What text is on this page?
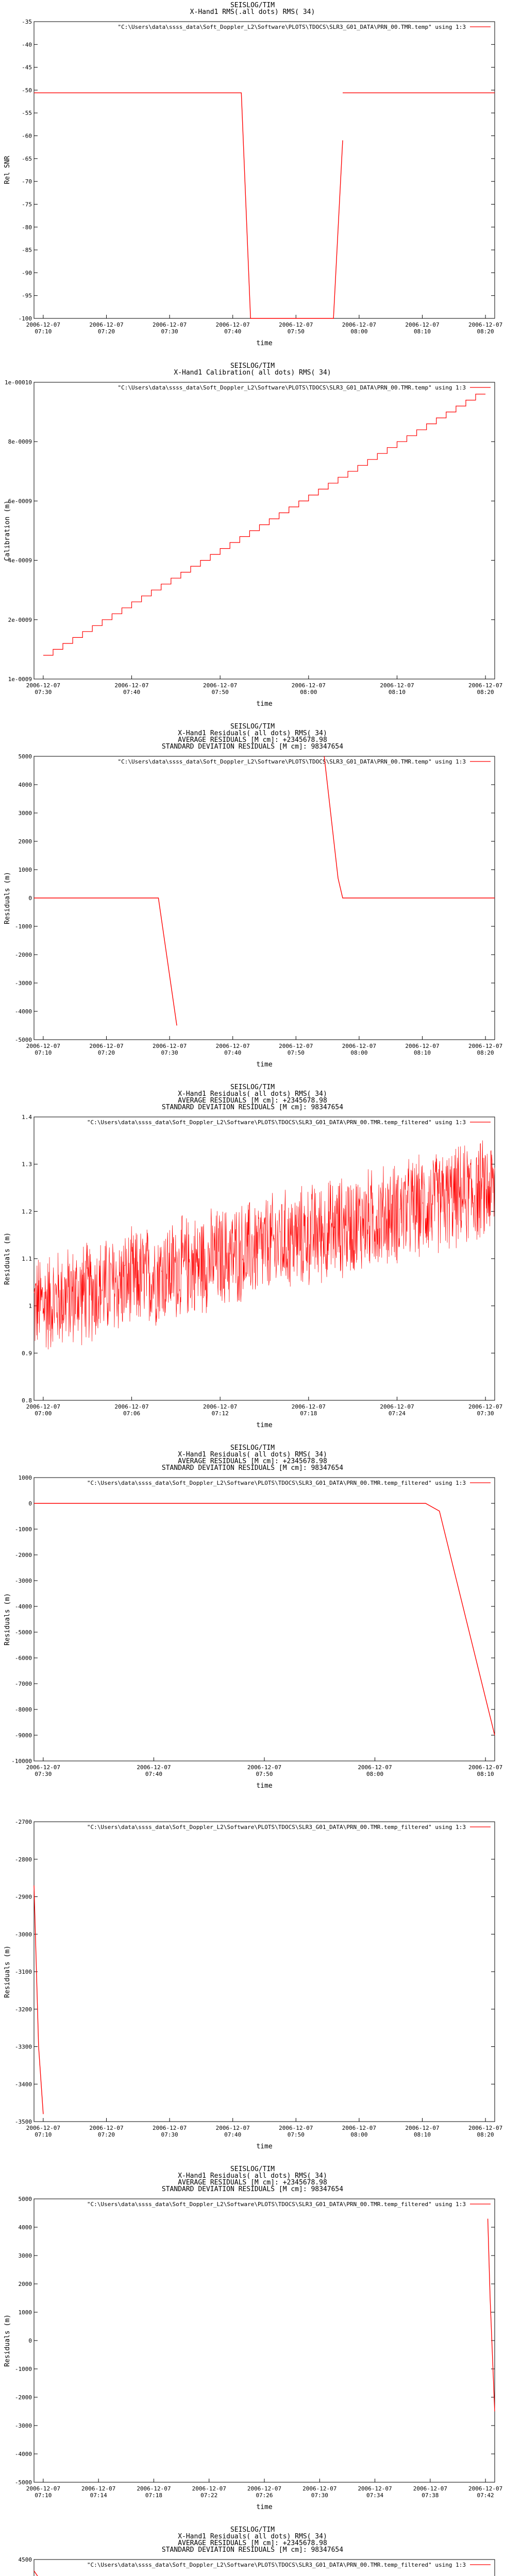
SEISLOG/TIM
X-Hand1 RMS(.all dots) RMS( 34)
"C:\Users\data\ssss_data\Soft_Doppler_L2\Software\PLOTS\TDOCS\SLR3_G01_DATA\PRN_00.TMR.temp" using 1:3
-35
-40
-45
-50
-55
-60
-65
-70
-75
-80
-85
-90
-95
-100
2006-12-07
07:10
2006-12-07
07:20
2006-12-07
07:30
2006-12-07
07:40
2006-12-07
07:50
2006-12-07
08:00
2006-12-07
08:10
2006-12-07
08:20
time
Rel SNR
SEISLOG/TIM
X-Hand1 Calibration( all dots) RMS( 34)
"C:\Users\data\ssss_data\Soft_Doppler_L2\Software\PLOTS\TDOCS\SLR3_G01_DATA\PRN_00.TMR.temp" using 1:3
1e-00010
8e-0009
6e-0009
4e-0009
2e-0009
1e-0009
2006-12-07
07:30
2006-12-07
07:40
2006-12-07
07:50
2006-12-07
08:00
2006-12-07
08:10
2006-12-07
08:20
time
Calibration (m)
SEISLOG/TIM
X-Hand1 Residuals( all dots) RMS( 34)
AVERAGE RESIDUALS [M cm]: +2345678.98
STANDARD DEVIATION RESIDUALS [M cm]: 98347654
"C:\Users\data\ssss_data\Soft_Doppler_L2\Software\PLOTS\TDOCS\SLR3_G01_DATA\PRN_00.TMR.temp" using 1:3
5000
4000
3000
2000
1000
0
-1000
-2000
-3000
-4000
-5000
2006-12-07
07:10
2006-12-07
07:20
2006-12-07
07:30
2006-12-07
07:40
2006-12-07
07:50
2006-12-07
08:00
2006-12-07
08:10
2006-12-07
08:20
time
Residuals (m)
SEISLOG/TIM
X-Hand1 Residuals( all dots) RMS( 34)
AVERAGE RESIDUALS [M cm]: +2345678.98
STANDARD DEVIATION RESIDUALS [M cm]: 98347654
"C:\Users\data\ssss_data\Soft_Doppler_L2\Software\PLOTS\TDOCS\SLR3_G01_DATA\PRN_00.TMR.temp_filtered" using 1:3
1.4
1.3
1.2
1.1
1
0.9
0.8
2006-12-07
07:00
2006-12-07
07:06
2006-12-07
07:12
2006-12-07
07:18
2006-12-07
07:24
2006-12-07
07:30
time
Residuals (m)
SEISLOG/TIM
X-Hand1 Residuals( all dots) RMS( 34)
AVERAGE RESIDUALS [M cm]: +2345678.98
STANDARD DEVIATION RESIDUALS [M cm]: 98347654
"C:\Users\data\ssss_data\Soft_Doppler_L2\Software\PLOTS\TDOCS\SLR3_G01_DATA\PRN_00.TMR.temp_filtered" using 1:3
1000
0
-1000
-2000
-3000
-4000
-5000
-6000
-7000
-8000
-9000
-10000
2006-12-07
07:30
2006-12-07
07:40
2006-12-07
07:50
2006-12-07
08:00
2006-12-07
08:10
time
Residuals (m)
"C:\Users\data\ssss_data\Soft_Doppler_L2\Software\PLOTS\TDOCS\SLR3_G01_DATA\PRN_00.TMR.temp_filtered" using 1:3
-2700
-2800
-2900
-3000
-3100
-3200
-3300
-3400
-3500
2006-12-07
07:10
2006-12-07
07:20
2006-12-07
07:30
2006-12-07
07:40
2006-12-07
07:50
2006-12-07
08:00
2006-12-07
08:10
2006-12-07
08:20
time
Residuals (m)
SEISLOG/TIM
X-Hand1 Residuals( all dots) RMS( 34)
AVERAGE RESIDUALS [M cm]: +2345678.98
STANDARD DEVIATION RESIDUALS [M cm]: 98347654
"C:\Users\data\ssss_data\Soft_Doppler_L2\Software\PLOTS\TDOCS\SLR3_G01_DATA\PRN_00.TMR.temp_filtered" using 1:3
5000
4000
3000
2000
1000
0
-1000
-2000
-3000
-4000
-5000
2006-12-07
07:10
2006-12-07
07:14
2006-12-07
07:18
2006-12-07
07:22
2006-12-07
07:26
2006-12-07
07:30
2006-12-07
07:34
2006-12-07
07:38
2006-12-07
07:42
time
Residuals (m)
SEISLOG/TIM
X-Hand1 Residuals( all dots) RMS( 34)
AVERAGE RESIDUALS [M cm]: +2345678.98
STANDARD DEVIATION RESIDUALS [M cm]: 98347654
"C:\Users\data\ssss_data\Soft_Doppler_L2\Software\PLOTS\TDOCS\SLR3_G01_DATA\PRN_00.TMR.temp_filtered" using 1:3
4500
